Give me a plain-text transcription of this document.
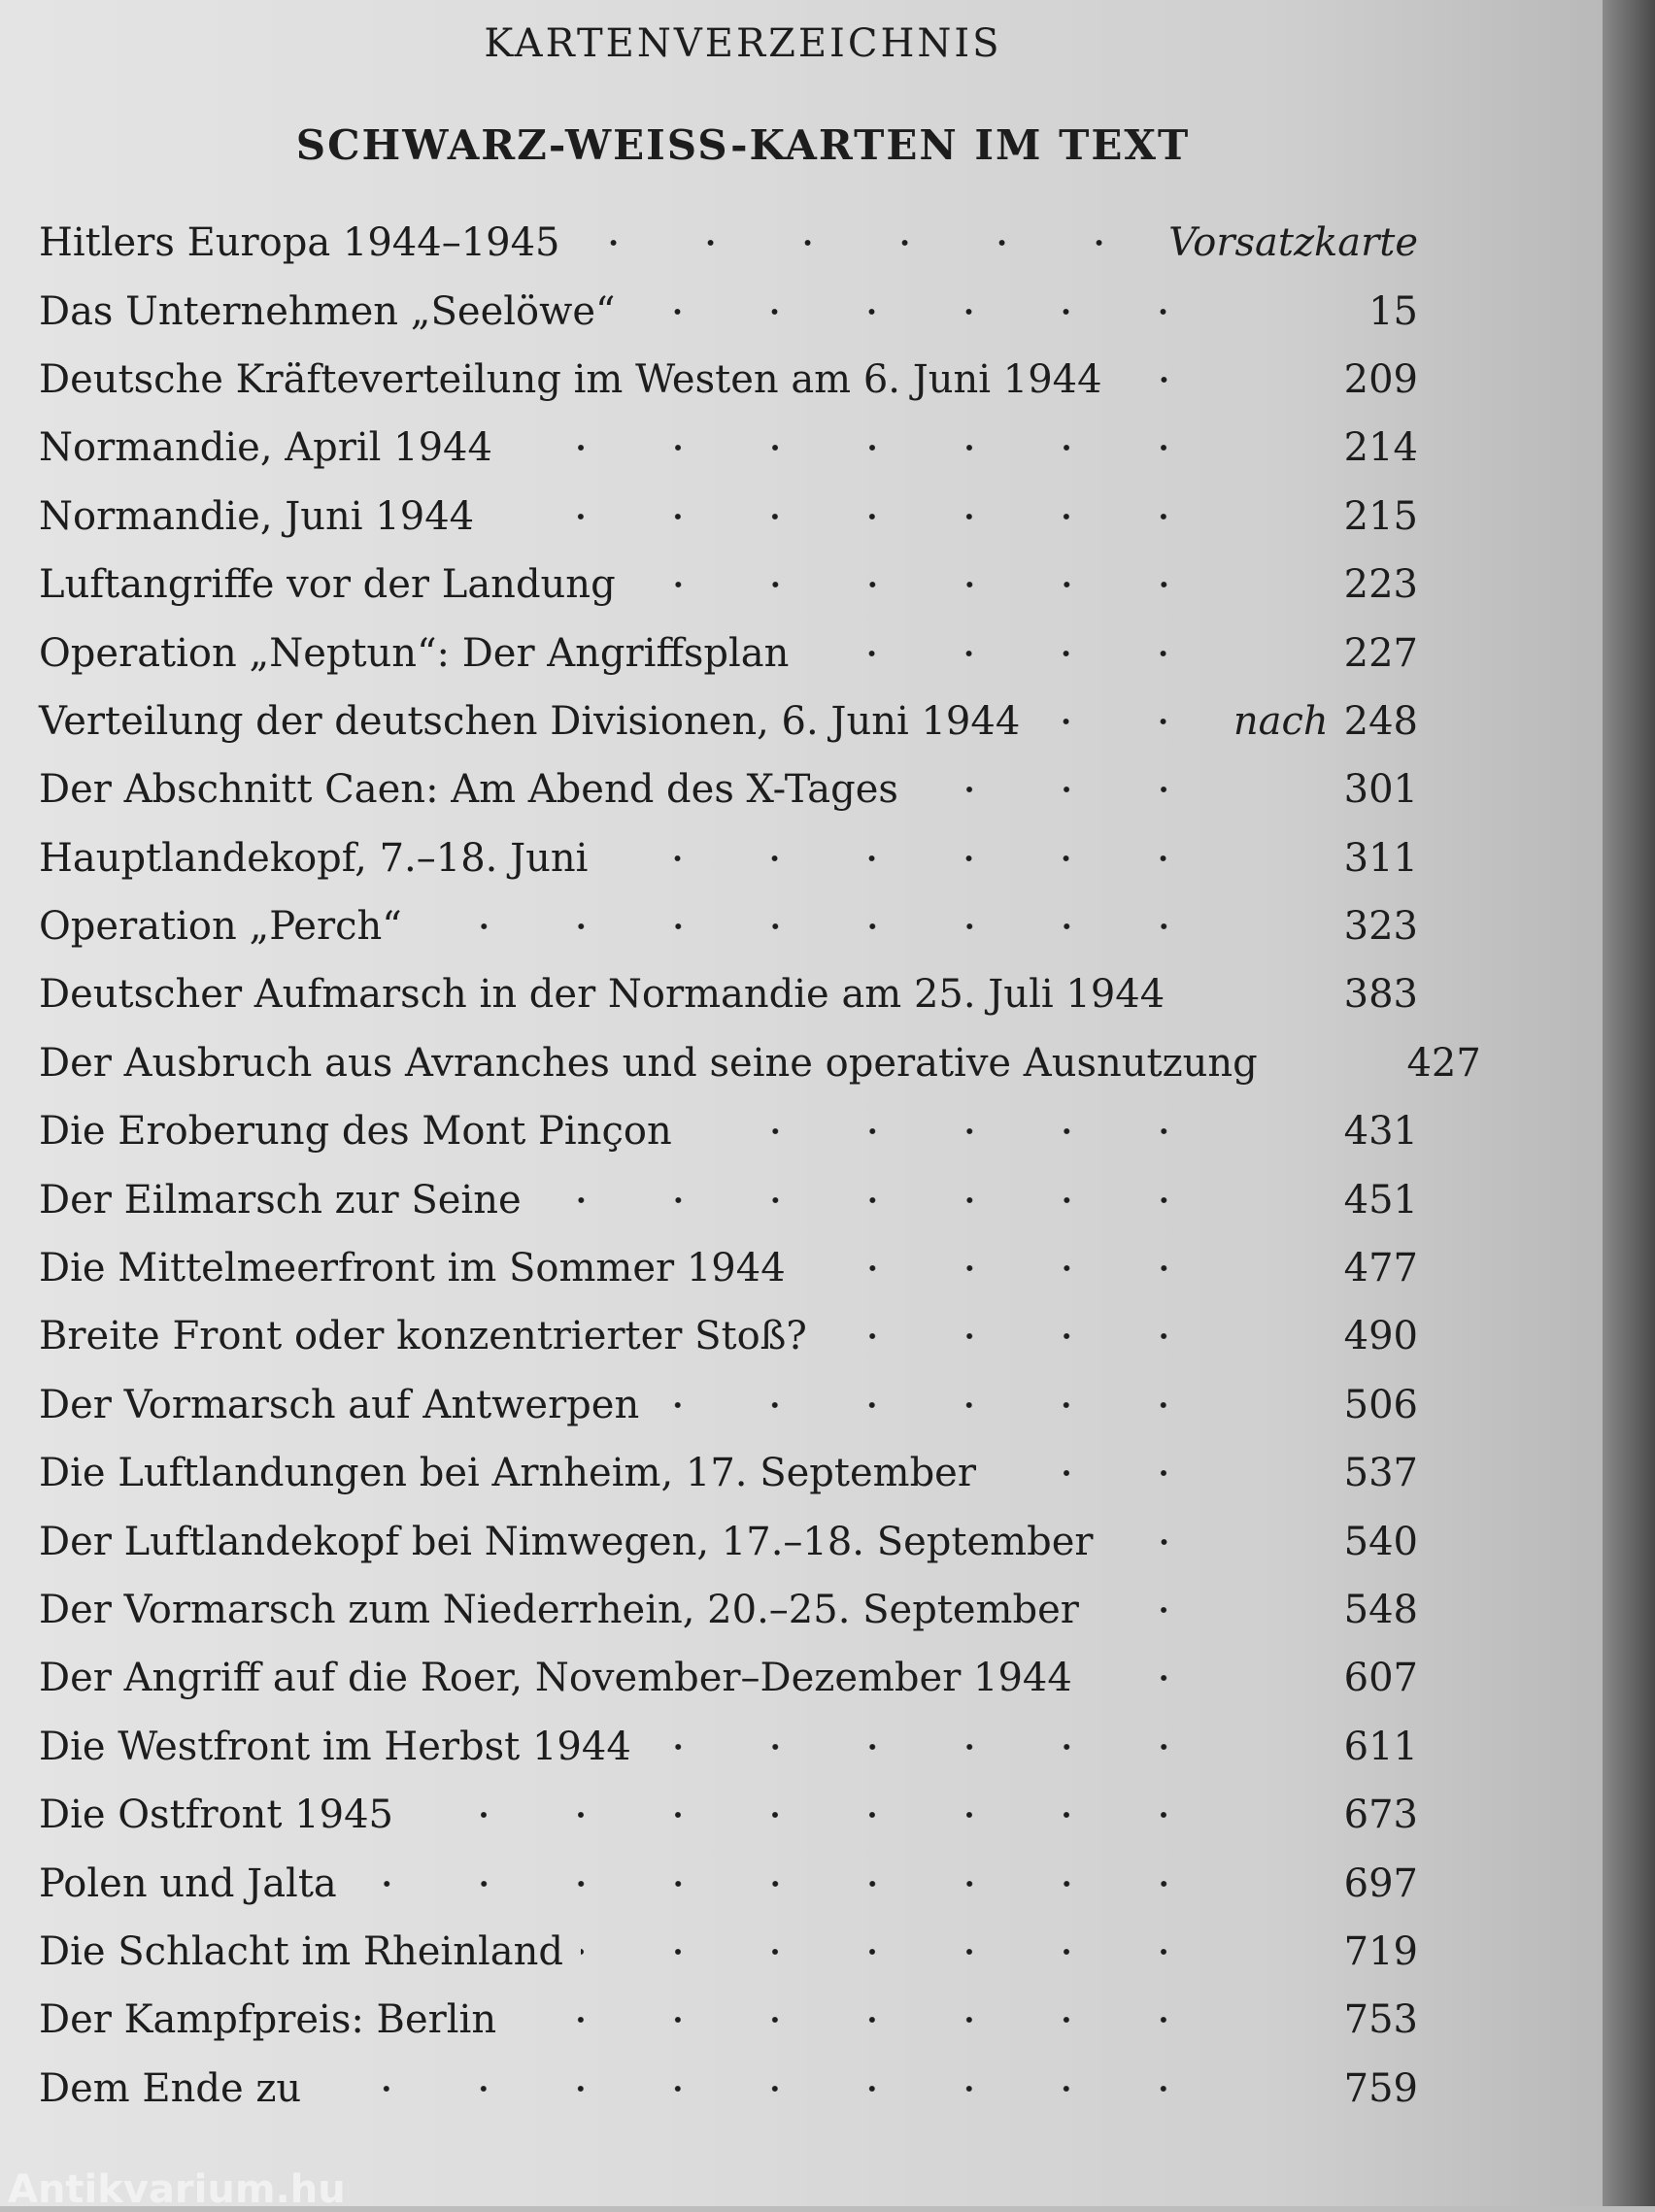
KARTENVERZEICHNIS
SCHWARZ-WEISS-KARTEN IM TEXT
Hitlers Europa 1944–1945	Vorsatzkarte
Das Unternehmen „Seelöwe“	15
Deutsche Kräfteverteilung im Westen am 6. Juni 1944	209
Normandie, April 1944	214
Normandie, Juni 1944	215
Luftangriffe vor der Landung	223
Operation „Neptun“: Der Angriffsplan	227
Verteilung der deutschen Divisionen, 6. Juni 1944	nach 248
Der Abschnitt Caen: Am Abend des X-Tages	301
Hauptlandekopf, 7.–18. Juni	311
Operation „Perch“	323
Deutscher Aufmarsch in der Normandie am 25. Juli 1944	383
Der Ausbruch aus Avranches und seine operative Ausnutzung	427
Die Eroberung des Mont Pinçon	431
Der Eilmarsch zur Seine	451
Die Mittelmeerfront im Sommer 1944	477
Breite Front oder konzentrierter Stoß?	490
Der Vormarsch auf Antwerpen	506
Die Luftlandungen bei Arnheim, 17. September	537
Der Luftlandekopf bei Nimwegen, 17.–18. September	540
Der Vormarsch zum Niederrhein, 20.–25. September	548
Der Angriff auf die Roer, November–Dezember 1944	607
Die Westfront im Herbst 1944	611
Die Ostfront 1945	673
Polen und Jalta	697
Die Schlacht im Rheinland	719
Der Kampfpreis: Berlin	753
Dem Ende zu	759
Antikvarium.hu
